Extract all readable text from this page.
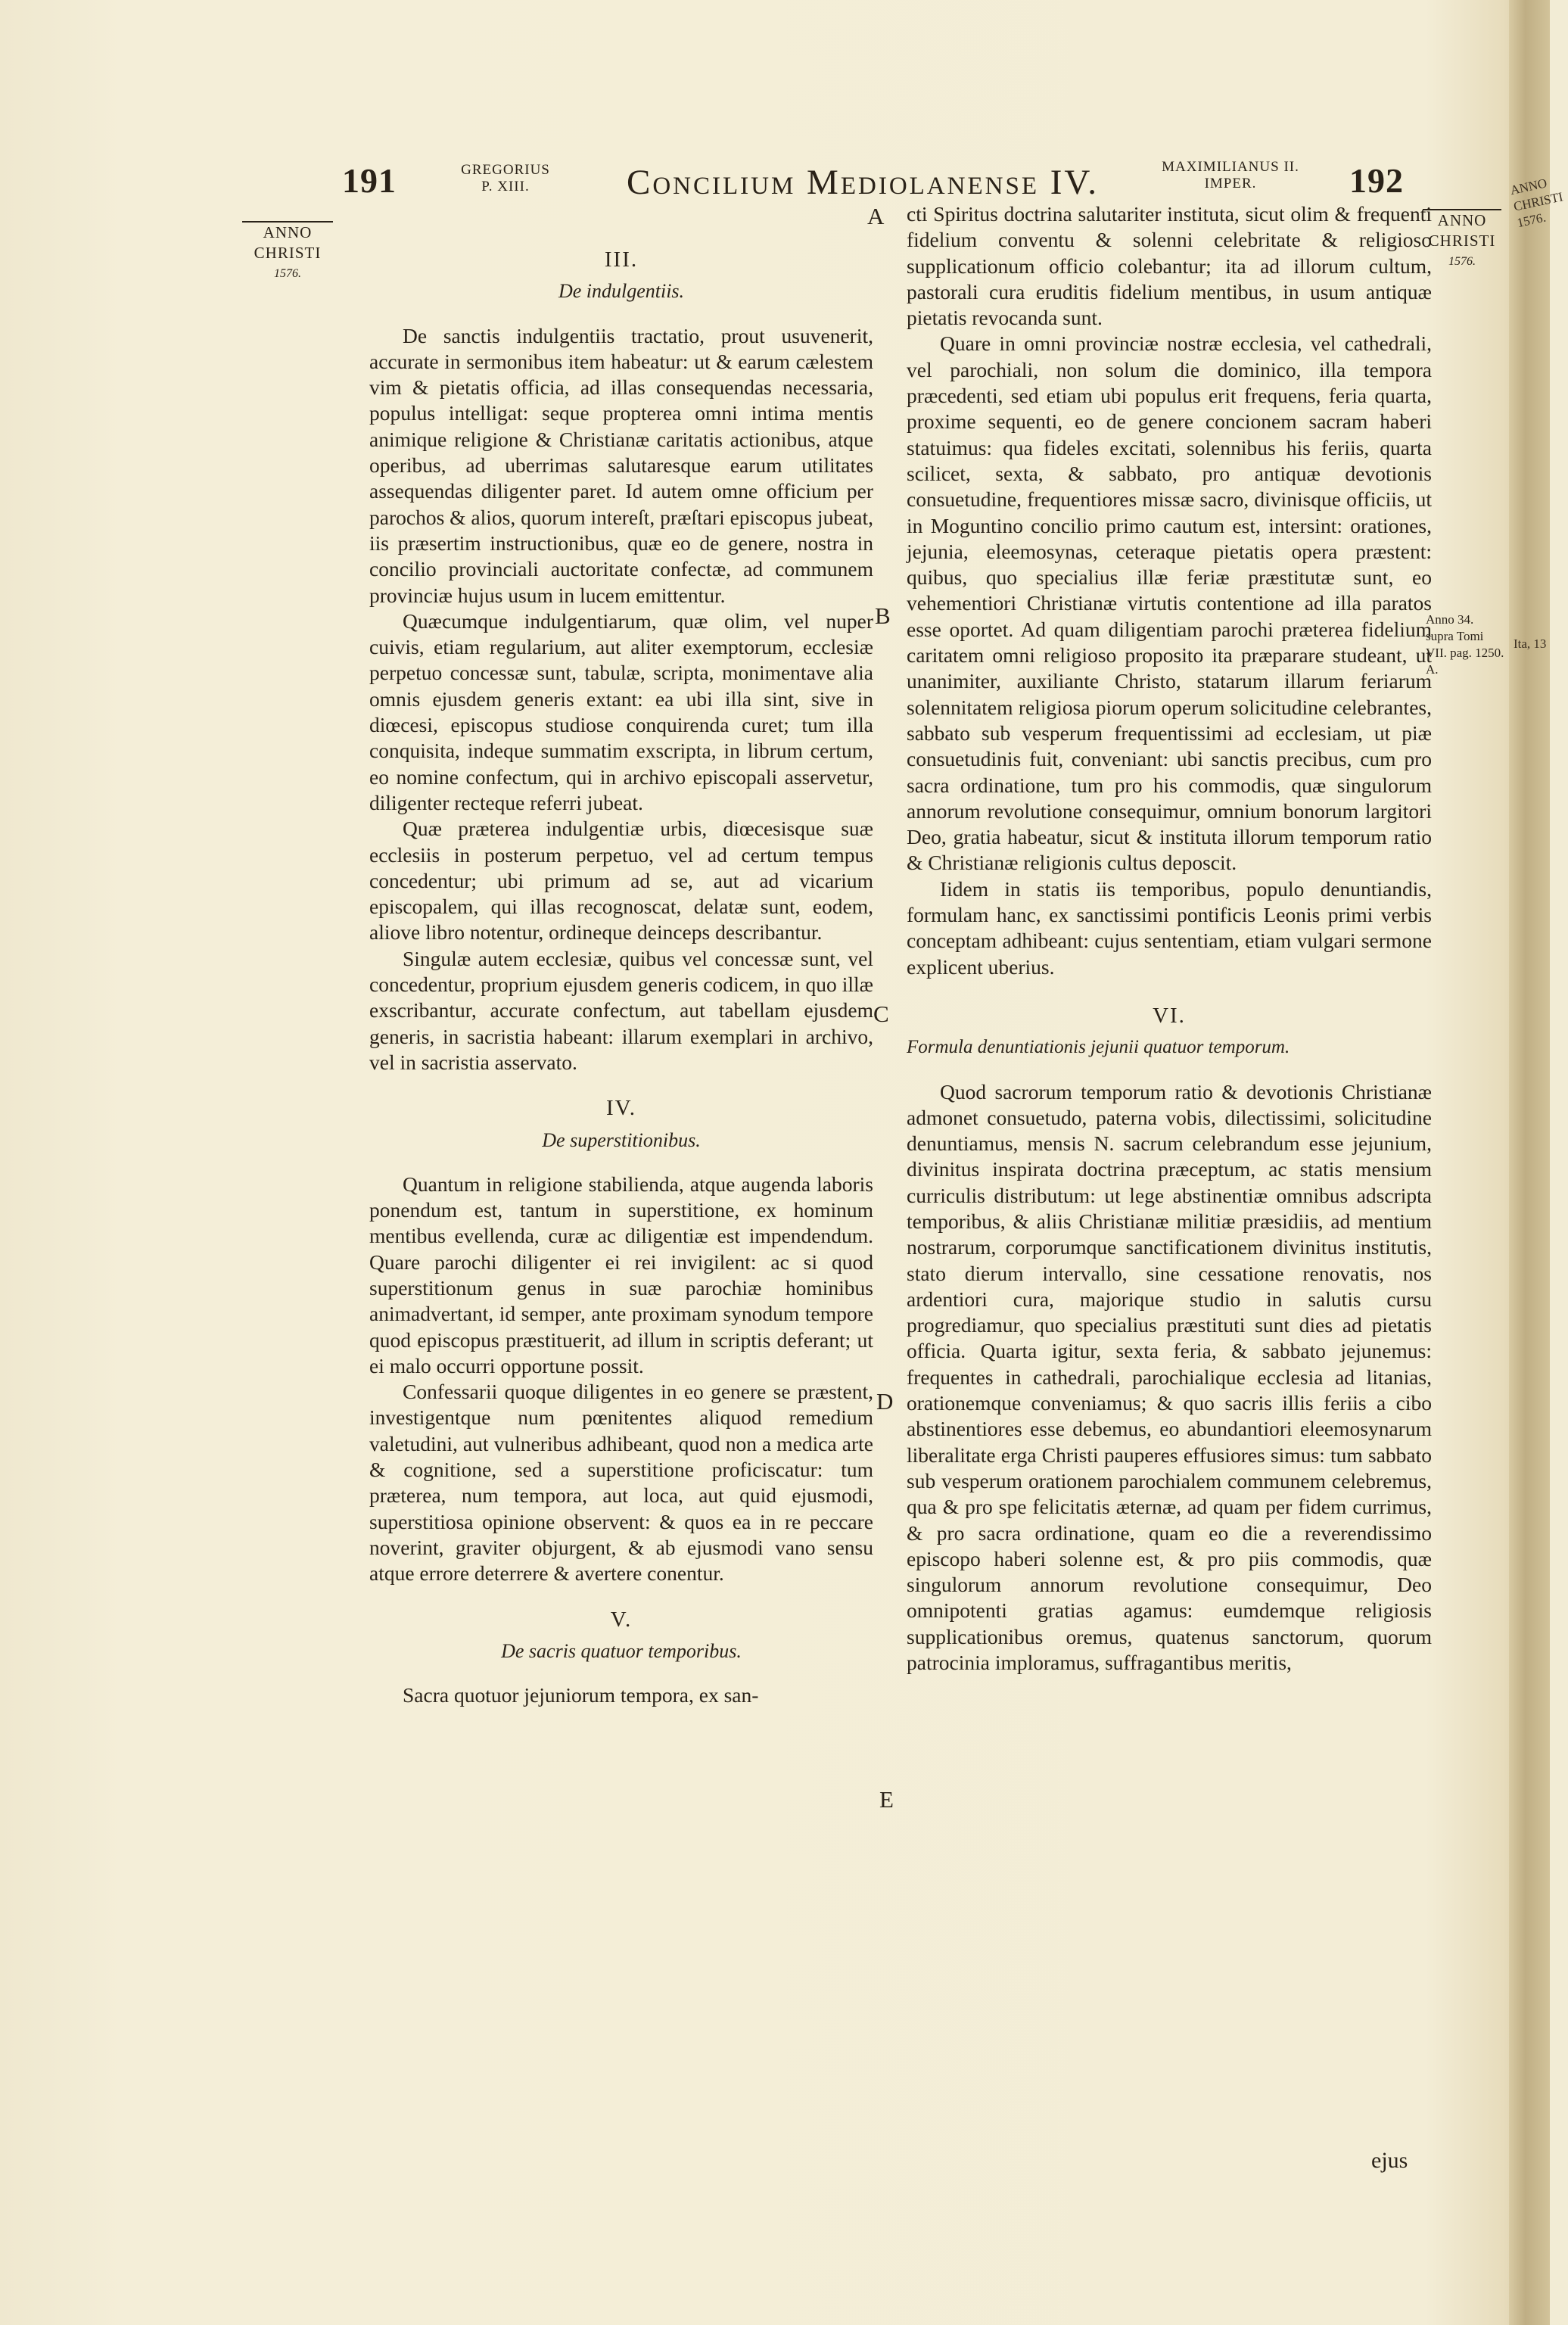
191	GREGORIUS
P. XIII.	Concilium Mediolanense IV.	MAXIMILIANUS II.
IMPER.	192
ANNO
CHRISTI
1576.
ANNO
CHRISTI
1576.
ANNO CHRISTI 1576.
Ita, 13
Anno 34. supra Tomi VII. pag. 1250. A.
A
B
C
D
E
III.
De indulgentiis.

De sanctis indulgentiis tractatio, prout usuvenerit, accurate in sermonibus item habeatur: ut & earum cælestem vim & pietatis officia, ad illas consequendas necessaria, populus intelligat: seque propterea omni intima mentis animique religione & Christianæ caritatis actionibus, atque operibus, ad uberrimas salutaresque earum utilitates assequendas diligenter paret. Id autem omne officium per parochos & alios, quorum intereſt, præſtari episcopus jubeat, iis præsertim instructionibus, quæ eo de genere, nostra in concilio provinciali auctoritate confectæ, ad communem provinciæ hujus usum in lucem emittentur.

Quæcumque indulgentiarum, quæ olim, vel nuper cuivis, etiam regularium, aut aliter exemptorum, ecclesiæ perpetuo concessæ sunt, tabulæ, scripta, monimentave alia omnis ejusdem generis extant: ea ubi illa sint, sive in diœcesi, episcopus studiose conquirenda curet; tum illa conquisita, indeque summatim exscripta, in librum certum, eo nomine confectum, qui in archivo episcopali asservetur, diligenter recteque referri jubeat.

Quæ præterea indulgentiæ urbis, diœcesisque suæ ecclesiis in posterum perpetuo, vel ad certum tempus concedentur; ubi primum ad se, aut ad vicarium episcopalem, qui illas recognoscat, delatæ sunt, eodem, aliove libro notentur, ordineque deinceps describantur.

Singulæ autem ecclesiæ, quibus vel concessæ sunt, vel concedentur, proprium ejusdem generis codicem, in quo illæ exscribantur, accurate confectum, aut tabellam ejusdem generis, in sacristia habeant: illarum exemplari in archivo, vel in sacristia asservato.

IV.
De superstitionibus.

Quantum in religione stabilienda, atque augenda laboris ponendum est, tantum in superstitione, ex hominum mentibus evellenda, curæ ac diligentiæ est impendendum. Quare parochi diligenter ei rei invigilent: ac si quod superstitionum genus in suæ parochiæ hominibus animadvertant, id semper, ante proximam synodum tempore quod episcopus præstituerit, ad illum in scriptis deferant; ut ei malo occurri opportune possit.

Confessarii quoque diligentes in eo genere se præstent, investigentque num pœnitentes aliquod remedium valetudini, aut vulneribus adhibeant, quod non a medica arte & cognitione, sed a superstitione proficiscatur: tum præterea, num tempora, aut loca, aut quid ejusmodi, superstitiosa opinione observent: & quos ea in re peccare noverint, graviter objurgent, & ab ejusmodi vano sensu atque errore deterrere & avertere conentur.

V.
De sacris quatuor temporibus.

Sacra quotuor jejuniorum tempora, ex san-

cti Spiritus doctrina salutariter instituta, sicut olim & frequenti fidelium conventu & solenni celebritate & religioso supplicationum officio colebantur; ita ad illorum cultum, pastorali cura eruditis fidelium mentibus, in usum antiquæ pietatis revocanda sunt.

Quare in omni provinciæ nostræ ecclesia, vel cathedrali, vel parochiali, non solum die dominico, illa tempora præcedenti, sed etiam ubi populus erit frequens, feria quarta, proxime sequenti, eo de genere concionem sacram haberi statuimus: qua fideles excitati, solennibus his feriis, quarta scilicet, sexta, & sabbato, pro antiquæ devotionis consuetudine, frequentiores missæ sacro, divinisque officiis, ut in Moguntino concilio primo cautum est, intersint: orationes, jejunia, eleemosynas, ceteraque pietatis opera præstent: quibus, quo specialius illæ feriæ præstitutæ sunt, eo vehementiori Christianæ virtutis contentione ad illa paratos esse oportet. Ad quam diligentiam parochi præterea fidelium caritatem omni religioso proposito ita præparare studeant, ut unanimiter, auxiliante Christo, statarum illarum feriarum solennitatem religiosa piorum operum solicitudine celebrantes, sabbato sub vesperum frequentissimi ad ecclesiam, ut piæ consuetudinis fuit, conveniant: ubi sanctis precibus, cum pro sacra ordinatione, tum pro his commodis, quæ singulorum annorum revolutione consequimur, omnium bonorum largitori Deo, gratia habeatur, sicut & instituta illorum temporum ratio & Christianæ religionis cultus deposcit.

Iidem in statis iis temporibus, populo denuntiandis, formulam hanc, ex sanctissimi pontificis Leonis primi verbis conceptam adhibeant: cujus sententiam, etiam vulgari sermone explicent uberius.

VI.
Formula denuntiationis jejunii quatuor temporum.

Quod sacrorum temporum ratio & devotionis Christianæ admonet consuetudo, paterna vobis, dilectissimi, solicitudine denuntiamus, mensis N. sacrum celebrandum esse jejunium, divinitus inspirata doctrina præceptum, ac statis mensium curriculis distributum: ut lege abstinentiæ omnibus adscripta temporibus, & aliis Christianæ militiæ præsidiis, ad mentium nostrarum, corporumque sanctificationem divinitus institutis, stato dierum intervallo, sine cessatione renovatis, nos ardentiori cura, majorique studio in salutis cursu progrediamur, quo specialius præstituti sunt dies ad pietatis officia. Quarta igitur, sexta feria, & sabbato jejunemus: frequentes in cathedrali, parochialique ecclesia ad litanias, orationemque conveniamus; & quo sacris illis feriis a cibo abstinentiores esse debemus, eo abundantiori eleemosynarum liberalitate erga Christi pauperes effusiores simus: tum sabbato sub vesperum orationem parochialem communem celebremus, qua & pro spe felicitatis æternæ, ad quam per fidem currimus, & pro sacra ordinatione, quam eo die a reverendissimo episcopo haberi solenne est, & pro piis commodis, quæ singulorum annorum revolutione consequimur, Deo omnipotenti gratias agamus: eumdemque religiosis supplicationibus oremus, quatenus sanctorum, quorum patrocinia imploramus, suffragantibus meritis,

ejus
